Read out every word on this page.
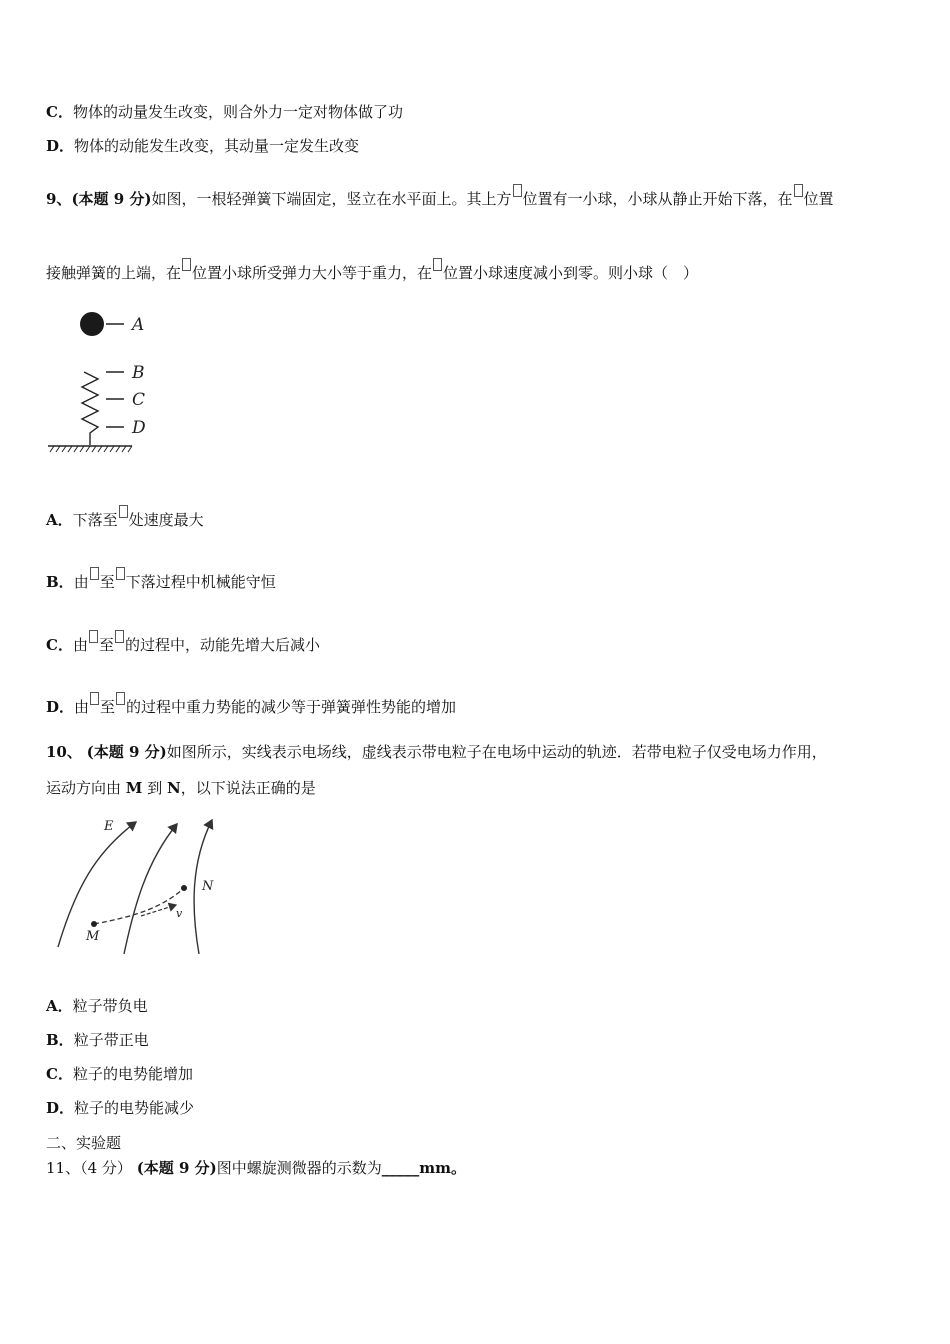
C．物体的动量发生改变，则合外力一定对物体做了功
D．物体的动能发生改变，其动量一定发生改变
9、(本题 9 分)如图，一根轻弹簧下端固定，竖立在水平面上。其上方 位置有一小球，小球从静止开始下落，在 位置
接触弹簧的上端，在 位置小球所受弹力大小等于重力，在 位置小球速度减小到零。则小球（　）
A
B
C
D
A．下落至 处速度最大
B．由 至 下落过程中机械能守恒
C．由 至 的过程中，动能先增大后减小
D．由 至 的过程中重力势能的减少等于弹簧弹性势能的增加
10、 (本题 9 分)如图所示，实线表示电场线，虚线表示带电粒子在电场中运动的轨迹．若带电粒子仅受电场力作用，
运动方向由 M 到 N，以下说法正确的是
E
M
N
v
A．粒子带负电
B．粒子带正电
C．粒子的电势能增加
D．粒子的电势能减少
二、实验题
11、（4 分） (本题 9 分)图中螺旋测微器的示数为_____mm。
